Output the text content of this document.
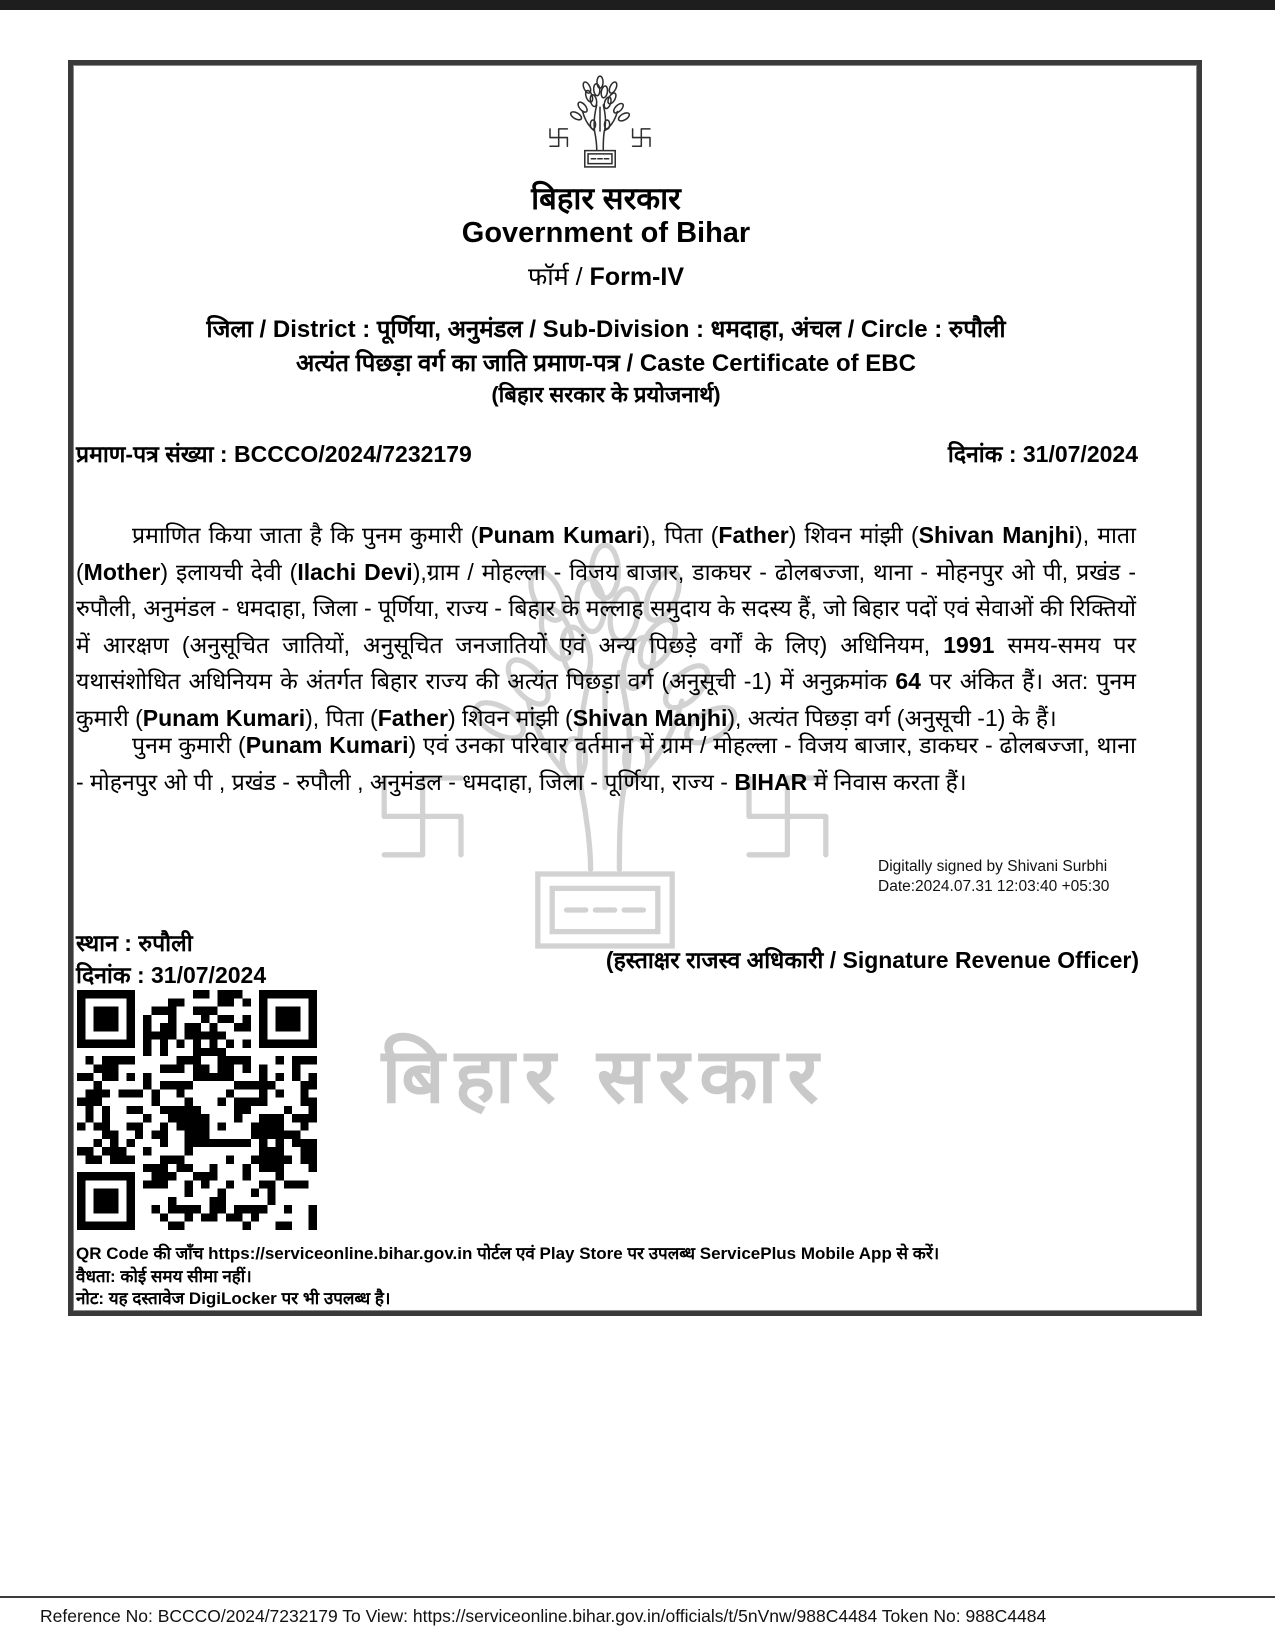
बिहार सरकार
बिहार सरकार
Government of Bihar
फॉर्म / Form-IV
जिला / District : पूर्णिया, अनुमंडल / Sub-Division : धमदाहा, अंचल / Circle : रुपौली
अत्यंत पिछड़ा वर्ग का जाति प्रमाण-पत्र / Caste Certificate of EBC
(बिहार सरकार के प्रयोजनार्थ)
प्रमाण-पत्र संख्या : BCCCO/2024/7232179	दिनांक : 31/07/2024
प्रमाणित किया जाता है कि पुनम कुमारी (Punam Kumari), पिता (Father) शिवन मांझी (Shivan Manjhi), माता (Mother) इलायची देवी (Ilachi Devi),ग्राम / मोहल्ला - विजय बाजार, डाकघर - ढोलबज्जा, थाना - मोहनपुर ओ पी, प्रखंड - रुपौली, अनुमंडल - धमदाहा, जिला - पूर्णिया, राज्य - बिहार के मल्लाह समुदाय के सदस्य हैं, जो बिहार पदों एवं सेवाओं की रिक्तियों में आरक्षण (अनुसूचित जातियों, अनुसूचित जनजातियों एवं अन्य पिछड़े वर्गों के लिए) अधिनियम, 1991 समय-समय पर यथासंशोधित अधिनियम के अंतर्गत बिहार राज्य की अत्यंत पिछड़ा वर्ग (अनुसूची -1) में अनुक्रमांक 64 पर अंकित हैं। अत: पुनम कुमारी (Punam Kumari), पिता (Father) शिवन मांझी (Shivan Manjhi), अत्यंत पिछड़ा वर्ग (अनुसूची -1) के हैं।
पुनम कुमारी (Punam Kumari) एवं उनका परिवार वर्तमान में ग्राम / मोहल्ला - विजय बाजार, डाकघर - ढोलबज्जा, थाना - मोहनपुर ओ पी , प्रखंड - रुपौली , अनुमंडल - धमदाहा, जिला - पूर्णिया, राज्य - BIHAR में निवास करता हैं।
Digitally signed by Shivani Surbhi
Date:2024.07.31 12:03:40 +05:30
स्थान : रुपौली
दिनांक : 31/07/2024
(हस्ताक्षर राजस्व अधिकारी / Signature Revenue Officer)
QR Code की जाँच https://serviceonline.bihar.gov.in पोर्टल एवं Play Store पर उपलब्ध ServicePlus Mobile App से करें।
वैधता: कोई समय सीमा नहीं।
नोट: यह दस्तावेज DigiLocker पर भी उपलब्ध है।
Reference No: BCCCO/2024/7232179 To View: https://serviceonline.bihar.gov.in/officials/t/5nVnw/988C4484 Token No: 988C4484
